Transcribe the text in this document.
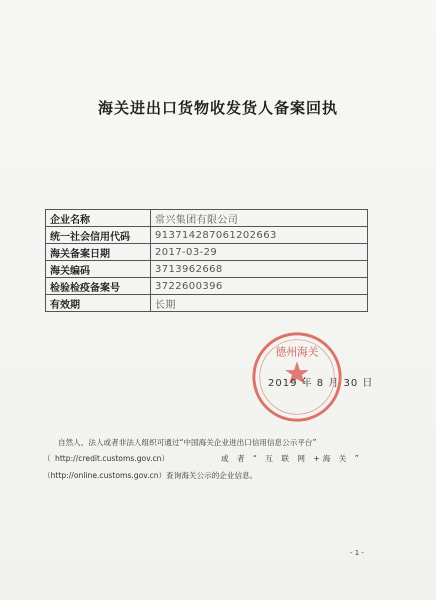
海关进出口货物收发货人备案回执
企业名称	常兴集团有限公司
统一社会信用代码	913714287061202663
海关备案日期	2017-03-29
海关编码	3713962668
检验检疫备案号	3722600396
有效期	长期
德州海关
2019 年 8 月 30 日
自然人、法人或者非法人组织可通过“中国海关企业进出口信用信息公示平台”
（ http://credit.customs.gov.cn）	或 者 “ 互 联 网 +海 关 ”
（http://online.customs.gov.cn）查询海关公示的企业信息。
- 1 -
